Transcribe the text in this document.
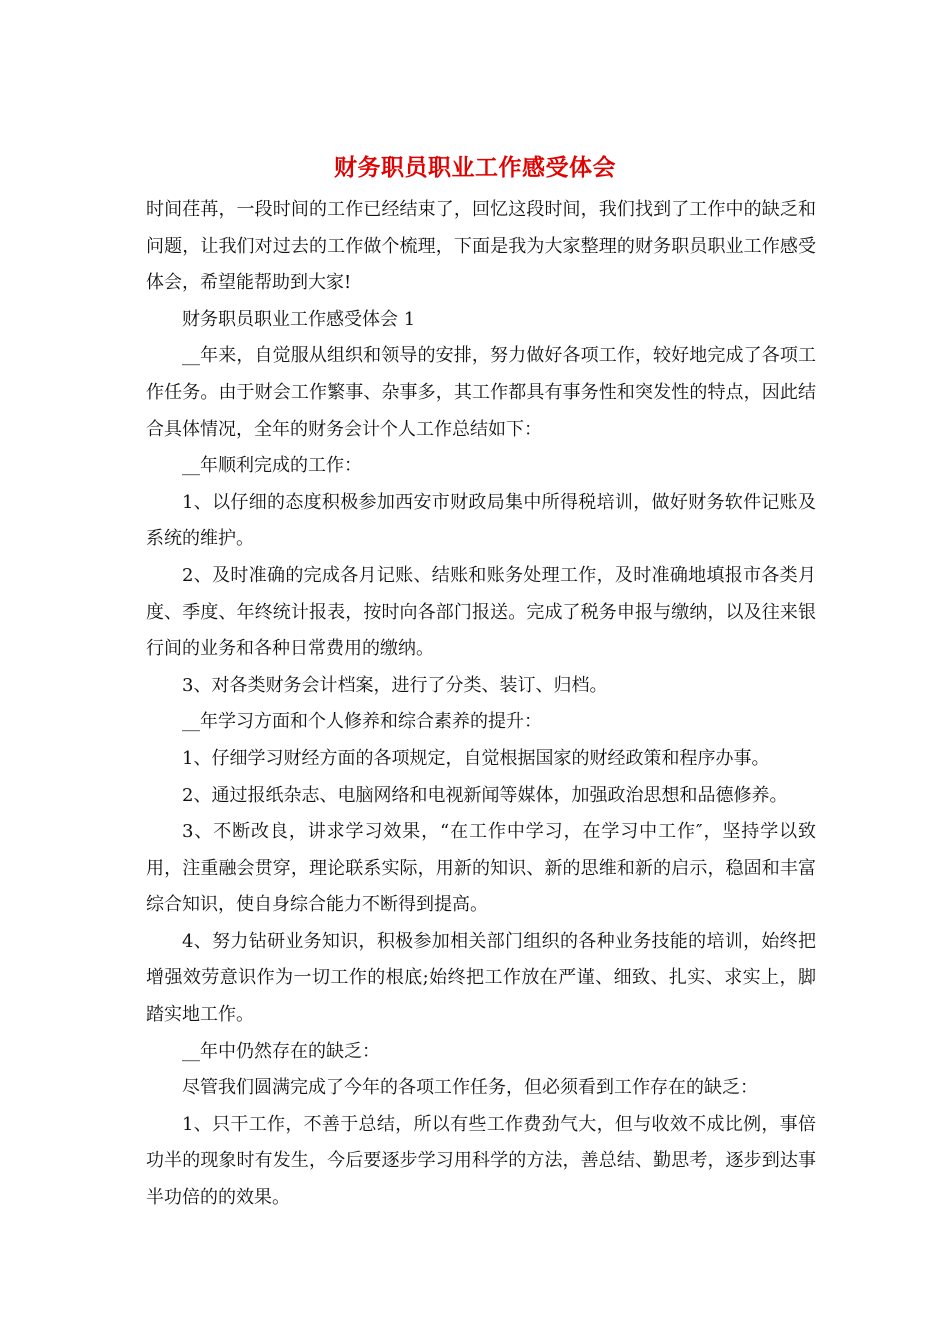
财务职员职业工作感受体会

时间荏苒，一段时间的工作已经结束了，回忆这段时间，我们找到了工作中的缺乏和问题，让我们对过去的工作做个梳理，下面是我为大家整理的财务职员职业工作感受体会，希望能帮助到大家!

财务职员职业工作感受体会 1

__年来，自觉服从组织和领导的安排，努力做好各项工作，较好地完成了各项工作任务。由于财会工作繁事、杂事多，其工作都具有事务性和突发性的特点，因此结合具体情况，全年的财务会计个人工作总结如下：

__年顺利完成的工作：

1、以仔细的态度积极参加西安市财政局集中所得税培训，做好财务软件记账及系统的维护。

2、及时准确的完成各月记账、结账和账务处理工作，及时准确地填报市各类月度、季度、年终统计报表，按时向各部门报送。完成了税务申报与缴纳，以及往来银行间的业务和各种日常费用的缴纳。

3、对各类财务会计档案，进行了分类、装订、归档。

__年学习方面和个人修养和综合素养的提升：

1、仔细学习财经方面的各项规定，自觉根据国家的财经政策和程序办事。

2、通过报纸杂志、电脑网络和电视新闻等媒体，加强政治思想和品德修养。

3、不断改良，讲求学习效果，“在工作中学习，在学习中工作″，坚持学以致用，注重融会贯穿，理论联系实际，用新的知识、新的思维和新的启示，稳固和丰富综合知识，使自身综合能力不断得到提高。

4、努力钻研业务知识，积极参加相关部门组织的各种业务技能的培训，始终把增强效劳意识作为一切工作的根底;始终把工作放在严谨、细致、扎实、求实上，脚踏实地工作。

__年中仍然存在的缺乏：

尽管我们圆满完成了今年的各项工作任务，但必须看到工作存在的缺乏：

1、只干工作，不善于总结，所以有些工作费劲气大，但与收效不成比例，事倍功半的现象时有发生，今后要逐步学习用科学的方法，善总结、勤思考，逐步到达事半功倍的的效果。
